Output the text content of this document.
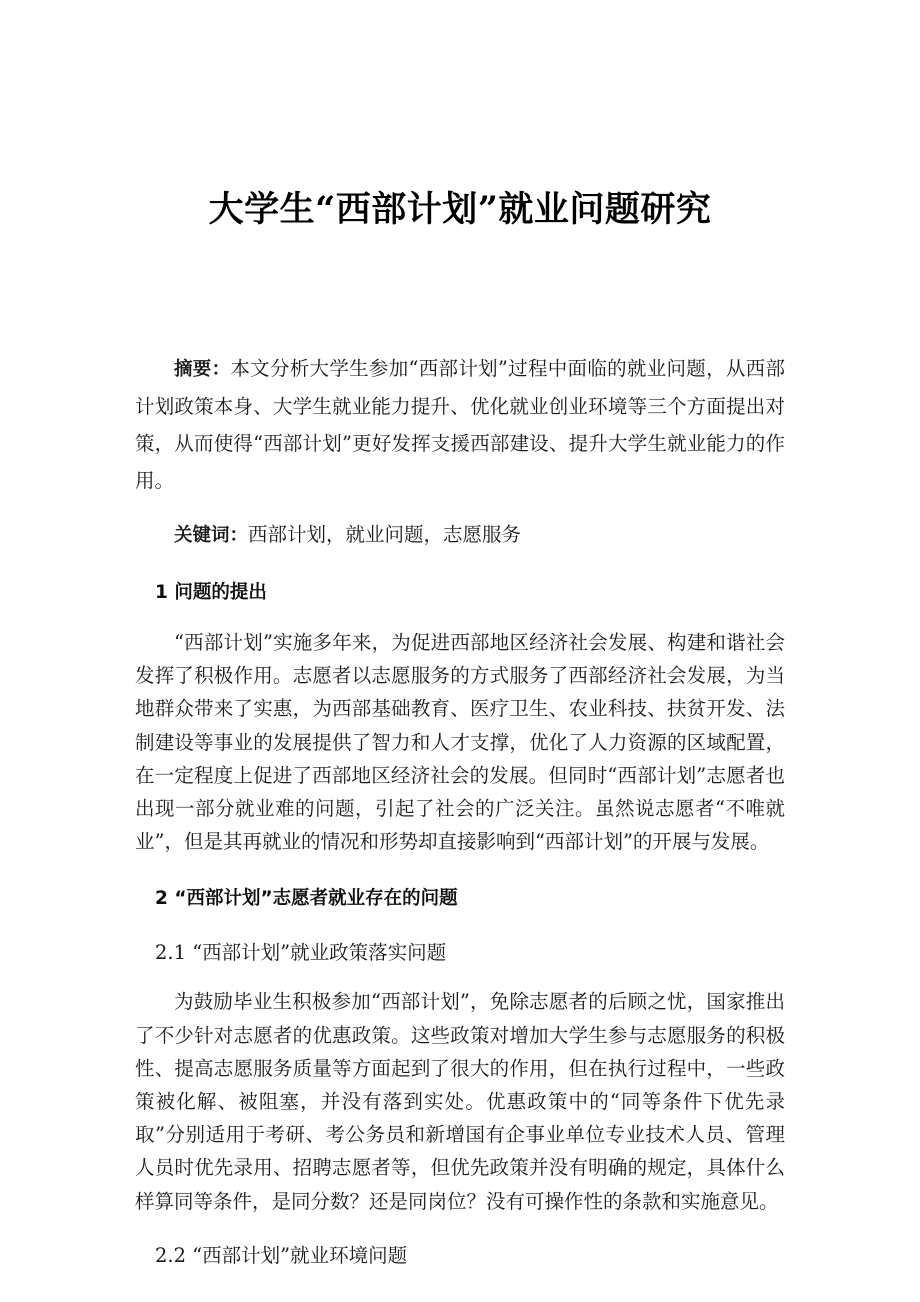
大学生“西部计划”就业问题研究

摘要：本文分析大学生参加“西部计划”过程中面临的就业问题，从西部计划政策本身、大学生就业能力提升、优化就业创业环境等三个方面提出对策，从而使得“西部计划”更好发挥支援西部建设、提升大学生就业能力的作用。

关键词：西部计划，就业问题，志愿服务

1 问题的提出

“西部计划”实施多年来，为促进西部地区经济社会发展、构建和谐社会发挥了积极作用。志愿者以志愿服务的方式服务了西部经济社会发展，为当地群众带来了实惠，为西部基础教育、医疗卫生、农业科技、扶贫开发、法制建设等事业的发展提供了智力和人才支撑，优化了人力资源的区域配置，在一定程度上促进了西部地区经济社会的发展。但同时“西部计划”志愿者也出现一部分就业难的问题，引起了社会的广泛关注。虽然说志愿者“不唯就业”，但是其再就业的情况和形势却直接影响到“西部计划”的开展与发展。

2 “西部计划”志愿者就业存在的问题
2.1 “西部计划”就业政策落实问题

为鼓励毕业生积极参加“西部计划”，免除志愿者的后顾之忧，国家推出了不少针对志愿者的优惠政策。这些政策对增加大学生参与志愿服务的积极性、提高志愿服务质量等方面起到了很大的作用，但在执行过程中，一些政策被化解、被阻塞，并没有落到实处。优惠政策中的“同等条件下优先录取”分别适用于考研、考公务员和新增国有企事业单位专业技术人员、管理人员时优先录用、招聘志愿者等，但优先政策并没有明确的规定，具体什么样算同等条件，是同分数？还是同岗位？没有可操作性的条款和实施意见。

2.2 “西部计划”就业环境问题
